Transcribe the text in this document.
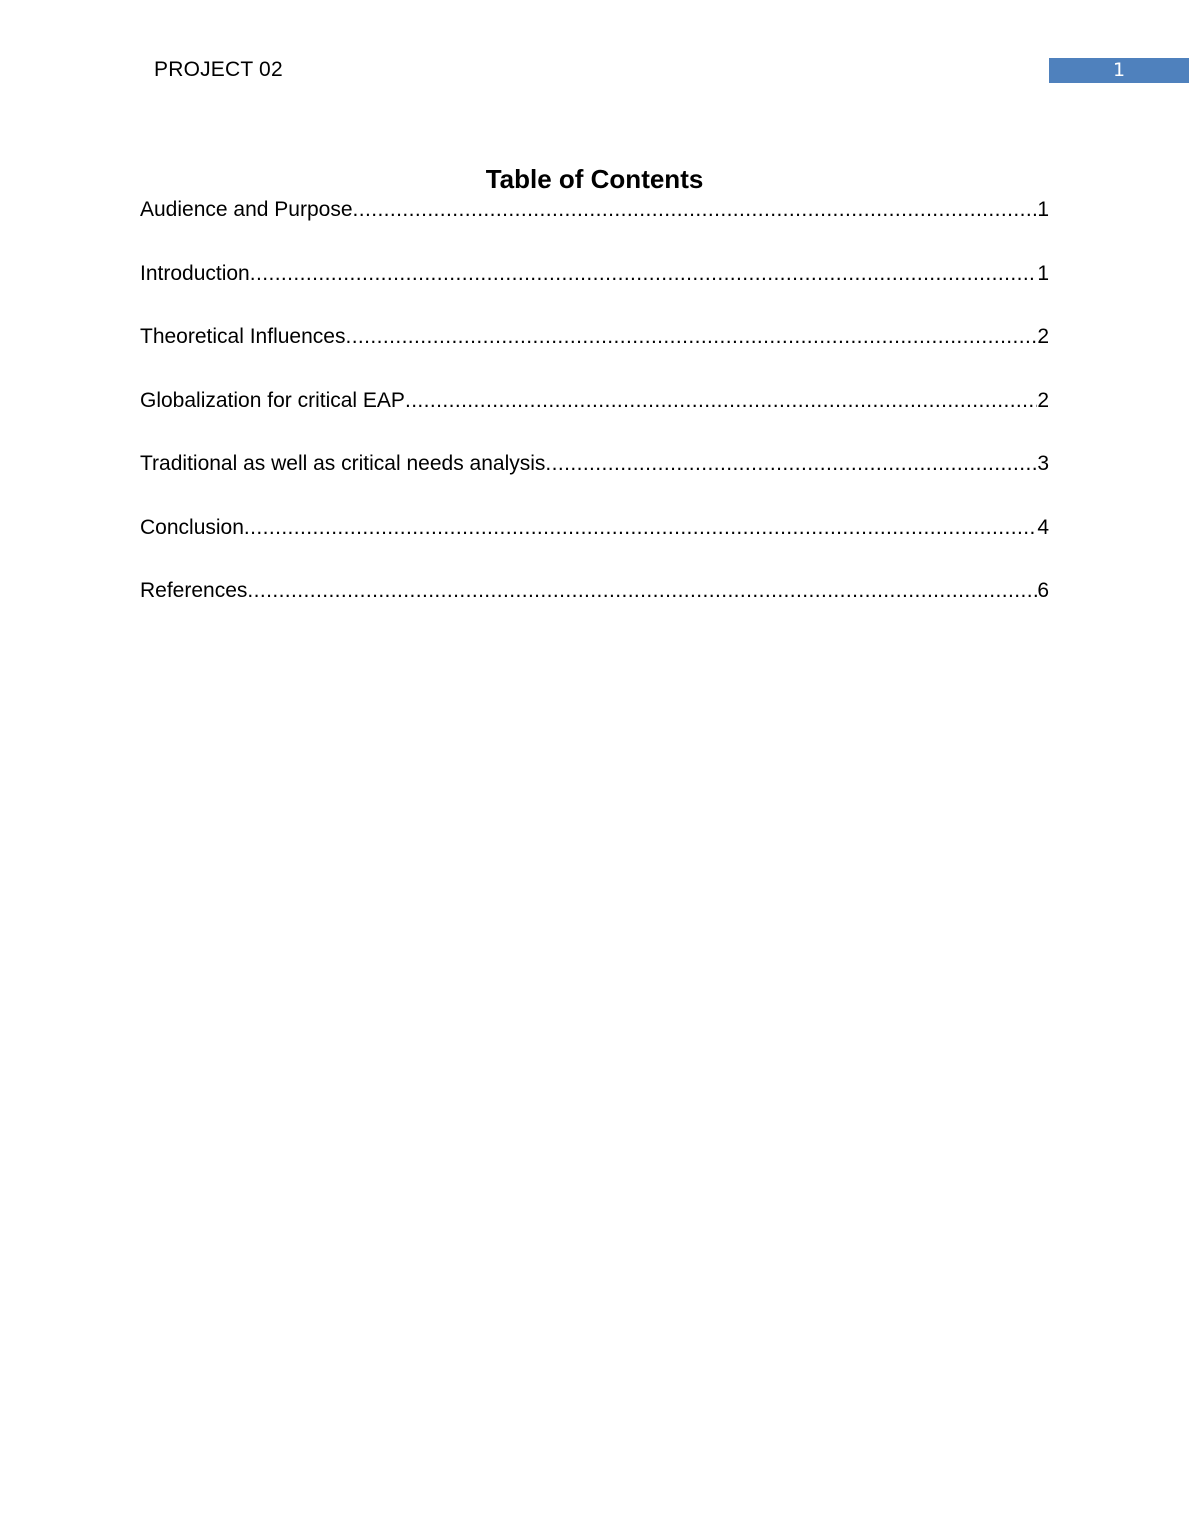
PROJECT 02	1
Table of Contents
Audience and Purpose .....	1
Introduction .....	1
Theoretical Influences .....	2
Globalization for critical EAP .....	2
Traditional as well as critical needs analysis .....	3
Conclusion .....	4
References .....	6
